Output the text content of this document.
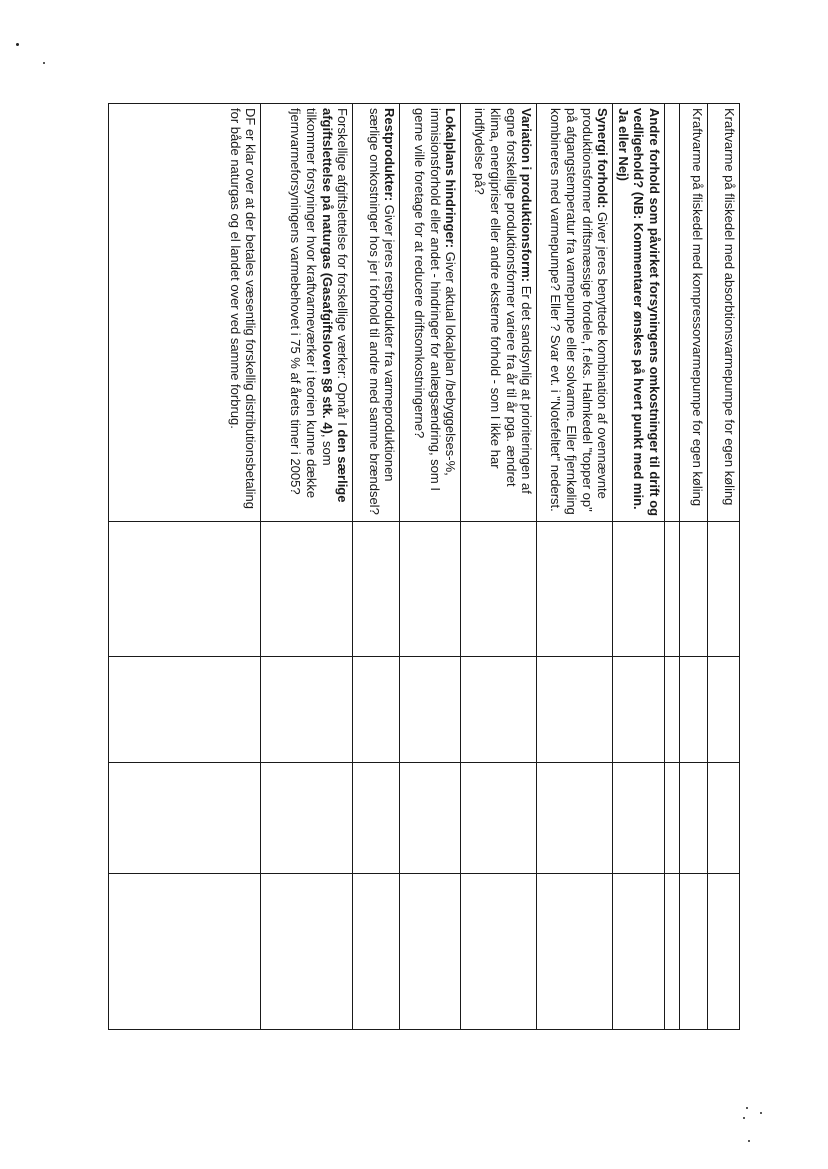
Kraftvarme på fliskedel med absorbtionsvarmepumpe for egen køling				
Kraftvarme på fliskedel med kompressorvarmepumpe for egen køling				

Andre forhold som påvirket forsyningens omkostninger til drift og vedligehold? (NB: Kommentarer ønskes på hvert punkt med min. Ja eller Nej)				
Synergi forhold: Giver jeres benyttede kombination af ovennævnte produktionsformer driftsmæssige fordele, f.eks. Halmkedel "topper op" på afgangstemperatur fra varmepumpe eller solvarme. Eller fjernkøling kombineres med varmepumpe? Eller ? Svar evt. i "Notefeltet" nederst.				
Variation i produktionsform: Er det sandsynlig at prioriteringen af egne forskellige produktionsformer variere fra år til år pga. ændret klima, energipriser eller andre eksterne forhold - som I ikke har indflydelse på?				
Lokalplans hindringer: Giver aktual lokalplan /bebyggelses-%, immisionsforhold eller andet - hindringer for anlægsændring, som I gerne ville foretage for at reducere driftsomkostningerne?				
Restprodukter: Giver jeres restprodukter fra varmeproduktionen særlige omkostninger hos jer i forhold til andre med samme brændsel?				
Forskellige afgiftslettelse for forskellige værker: Opnår I den særlige afgiftslettelse på naturgas (Gasafgiftsloven §8 stk. 4), som tilkommer forsyninger hvor kraftvarmeværker i teorien kunne dække fjernvarmeforsyningens varmebehovet i 75 % af årets timer i 2005?				
DF er klar over at der betales væsentlig forskellig distributionsbetaling for både naturgas og el landet over ved samme forbrug.				
